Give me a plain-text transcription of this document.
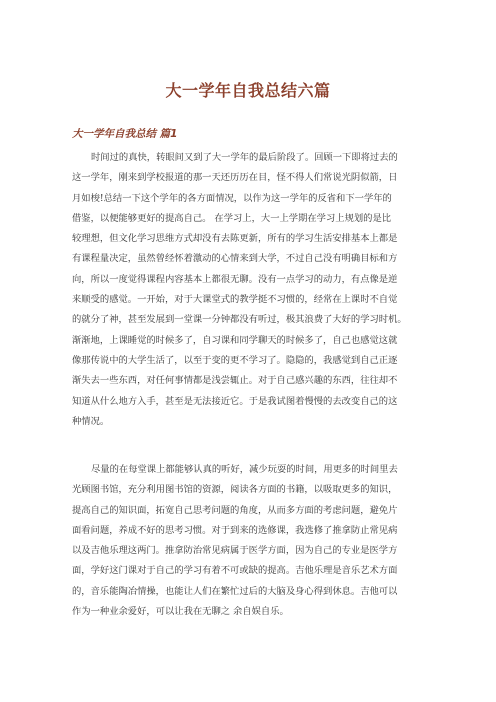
大一学年自我总结六篇
大一学年自我总结 篇1
时间过的真快，转眼间又到了大一学年的最后阶段了。回顾一下即将过去的
这一学年，刚来到学校报道的那一天还历历在目，怪不得人们常说光阴似箭，日
月如梭!总结一下这个学年的各方面情况，以作为这一学年的反省和下一学年的
借鉴，以便能够更好的提高自己。 在学习上，大一上学期在学习上规划的是比
较理想，但文化学习思维方式却没有去陈更新，所有的学习生活安排基本上都是
有课程量决定，虽然曾经怀着激动的心情来到大学，不过自己没有明确目标和方
向，所以一度觉得课程内容基本上都很无聊。没有一点学习的动力，有点像是逆
来顺受的感觉。一开始，对于大课堂式的教学挺不习惯的，经常在上课时不自觉
的就分了神，甚至发展到一堂课一分钟都没有听过，极其浪费了大好的学习时机。
渐渐地，上课睡觉的时候多了，自习课和同学聊天的时候多了，自己也感觉这就
像那传说中的大学生活了，以至于变的更不学习了。隐隐的，我感觉到自己正逐
渐失去一些东西，对任何事情都是浅尝辄止。对于自己感兴趣的东西，往往却不
知道从什么地方入手，甚至是无法接近它。于是我试图着慢慢的去改变自己的这
种情况。
尽量的在每堂课上都能够认真的听好，减少玩耍的时间，用更多的时间里去
光顾图书馆，充分利用图书馆的资源，阅读各方面的书籍，以吸取更多的知识，
提高自己的知识面，拓宽自己思考问题的角度，从而多方面的考虑问题，避免片
面看问题，养成不好的思考习惯。对于到来的选修课，我选修了推拿防止常见病
以及吉他乐理这两门。推拿防治常见病属于医学方面，因为自己的专业是医学方
面，学好这门课对于自己的学习有着不可或缺的提高。吉他乐理是音乐艺术方面
的，音乐能陶冶情操，也能让人们在繁忙过后的大脑及身心得到休息。吉他可以
作为一种业余爱好，可以让我在无聊之 余自娱自乐。
